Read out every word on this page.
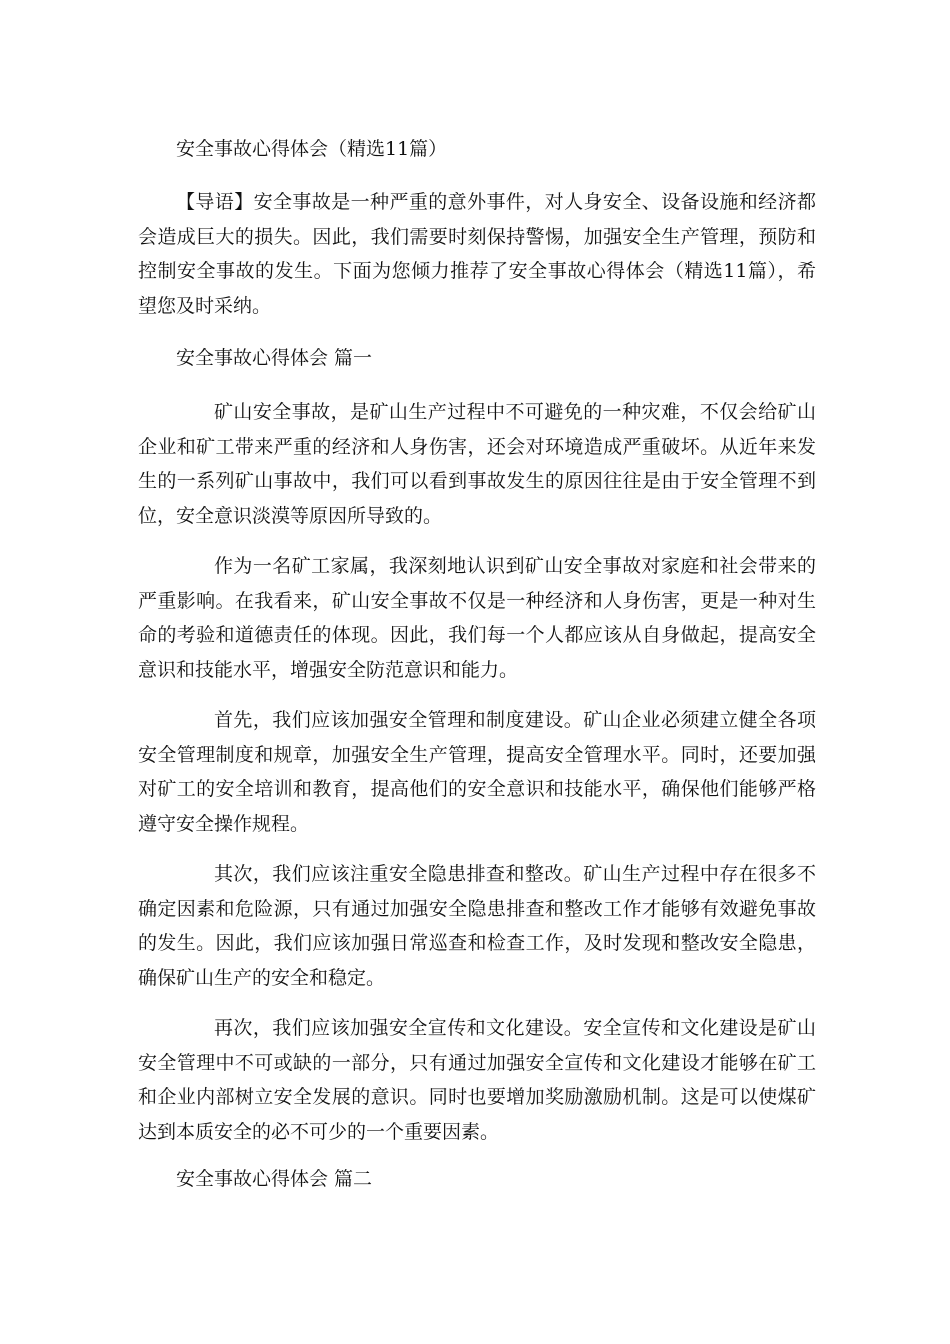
安全事故心得体会（精选11篇）

【导语】安全事故是一种严重的意外事件，对人身安全、设备设施和经济都
会造成巨大的损失。因此，我们需要时刻保持警惕，加强安全生产管理，预防和
控制安全事故的发生。下面为您倾力推荐了安全事故心得体会（精选11篇），希
望您及时采纳。

安全事故心得体会 篇一

矿山安全事故，是矿山生产过程中不可避免的一种灾难，不仅会给矿山
企业和矿工带来严重的经济和人身伤害，还会对环境造成严重破坏。从近年来发
生的一系列矿山事故中，我们可以看到事故发生的原因往往是由于安全管理不到
位，安全意识淡漠等原因所导致的。

作为一名矿工家属，我深刻地认识到矿山安全事故对家庭和社会带来的
严重影响。在我看来，矿山安全事故不仅是一种经济和人身伤害，更是一种对生
命的考验和道德责任的体现。因此，我们每一个人都应该从自身做起，提高安全
意识和技能水平，增强安全防范意识和能力。

首先，我们应该加强安全管理和制度建设。矿山企业必须建立健全各项
安全管理制度和规章，加强安全生产管理，提高安全管理水平。同时，还要加强
对矿工的安全培训和教育，提高他们的安全意识和技能水平，确保他们能够严格
遵守安全操作规程。

其次，我们应该注重安全隐患排查和整改。矿山生产过程中存在很多不
确定因素和危险源，只有通过加强安全隐患排查和整改工作才能够有效避免事故
的发生。因此，我们应该加强日常巡查和检查工作，及时发现和整改安全隐患，
确保矿山生产的安全和稳定。

再次，我们应该加强安全宣传和文化建设。安全宣传和文化建设是矿山
安全管理中不可或缺的一部分，只有通过加强安全宣传和文化建设才能够在矿工
和企业内部树立安全发展的意识。同时也要增加奖励激励机制。这是可以使煤矿
达到本质安全的必不可少的一个重要因素。

安全事故心得体会 篇二
